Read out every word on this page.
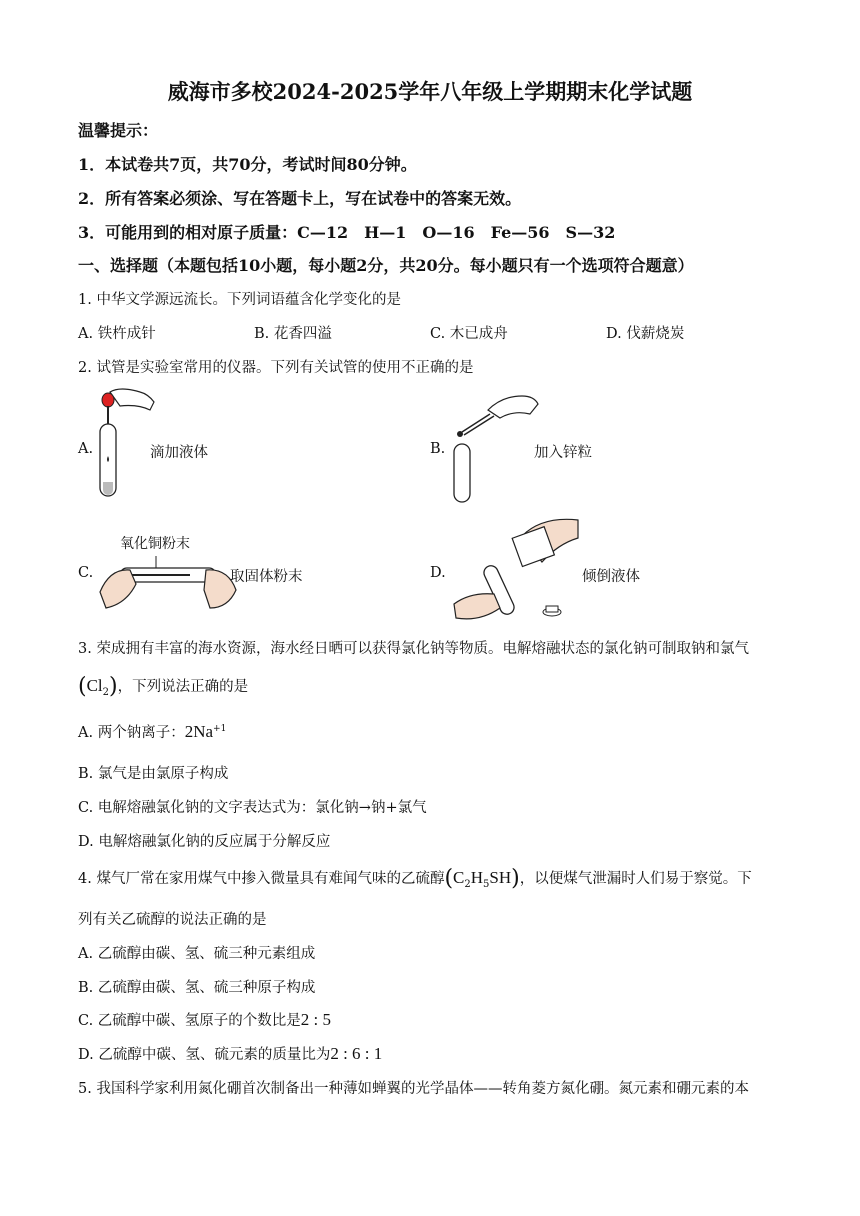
威海市多校2024-2025学年八年级上学期期末化学试题
温馨提示：
1．本试卷共7页，共70分，考试时间80分钟。
2．所有答案必须涂、写在答题卡上，写在试卷中的答案无效。
3．可能用到的相对原子质量：C—12　H—1　O—16　Fe—56　S—32
一、选择题（本题包括10小题，每小题2分，共20分。每小题只有一个选项符合题意）
1. 中华文学源远流长。下列词语蕴含化学变化的是
A. 铁杵成针	B. 花香四溢	C. 木已成舟	D. 伐薪烧炭
2. 试管是实验室常用的仪器。下列有关试管的使用不正确的是
A.	滴加液体	B.	加入锌粒
C.
氧化铜粉末
取固体粉末	D.	倾倒液体
3. 荣成拥有丰富的海水资源，海水经日晒可以获得氯化钠等物质。电解熔融状态的氯化钠可制取钠和氯气
$(Cl_2)$，下列说法正确的是
A. 两个钠离子：$2Na^{+1}$
B. 氯气是由氯原子构成
C. 电解熔融氯化钠的文字表达式为：氯化钠→钠+氯气
D. 电解熔融氯化钠的反应属于分解反应
4. 煤气厂常在家用煤气中掺入微量具有难闻气味的乙硫醇$(C_2H_5SH)$，以便煤气泄漏时人们易于察觉。下
列有关乙硫醇的说法正确的是
A. 乙硫醇由碳、氢、硫三种元素组成
B. 乙硫醇由碳、氢、硫三种原子构成
C. 乙硫醇中碳、氢原子的个数比是2 : 5
D. 乙硫醇中碳、氢、硫元素的质量比为2 : 6 : 1
5. 我国科学家利用氮化硼首次制备出一种薄如蝉翼的光学晶体——转角菱方氮化硼。氮元素和硼元素的本
